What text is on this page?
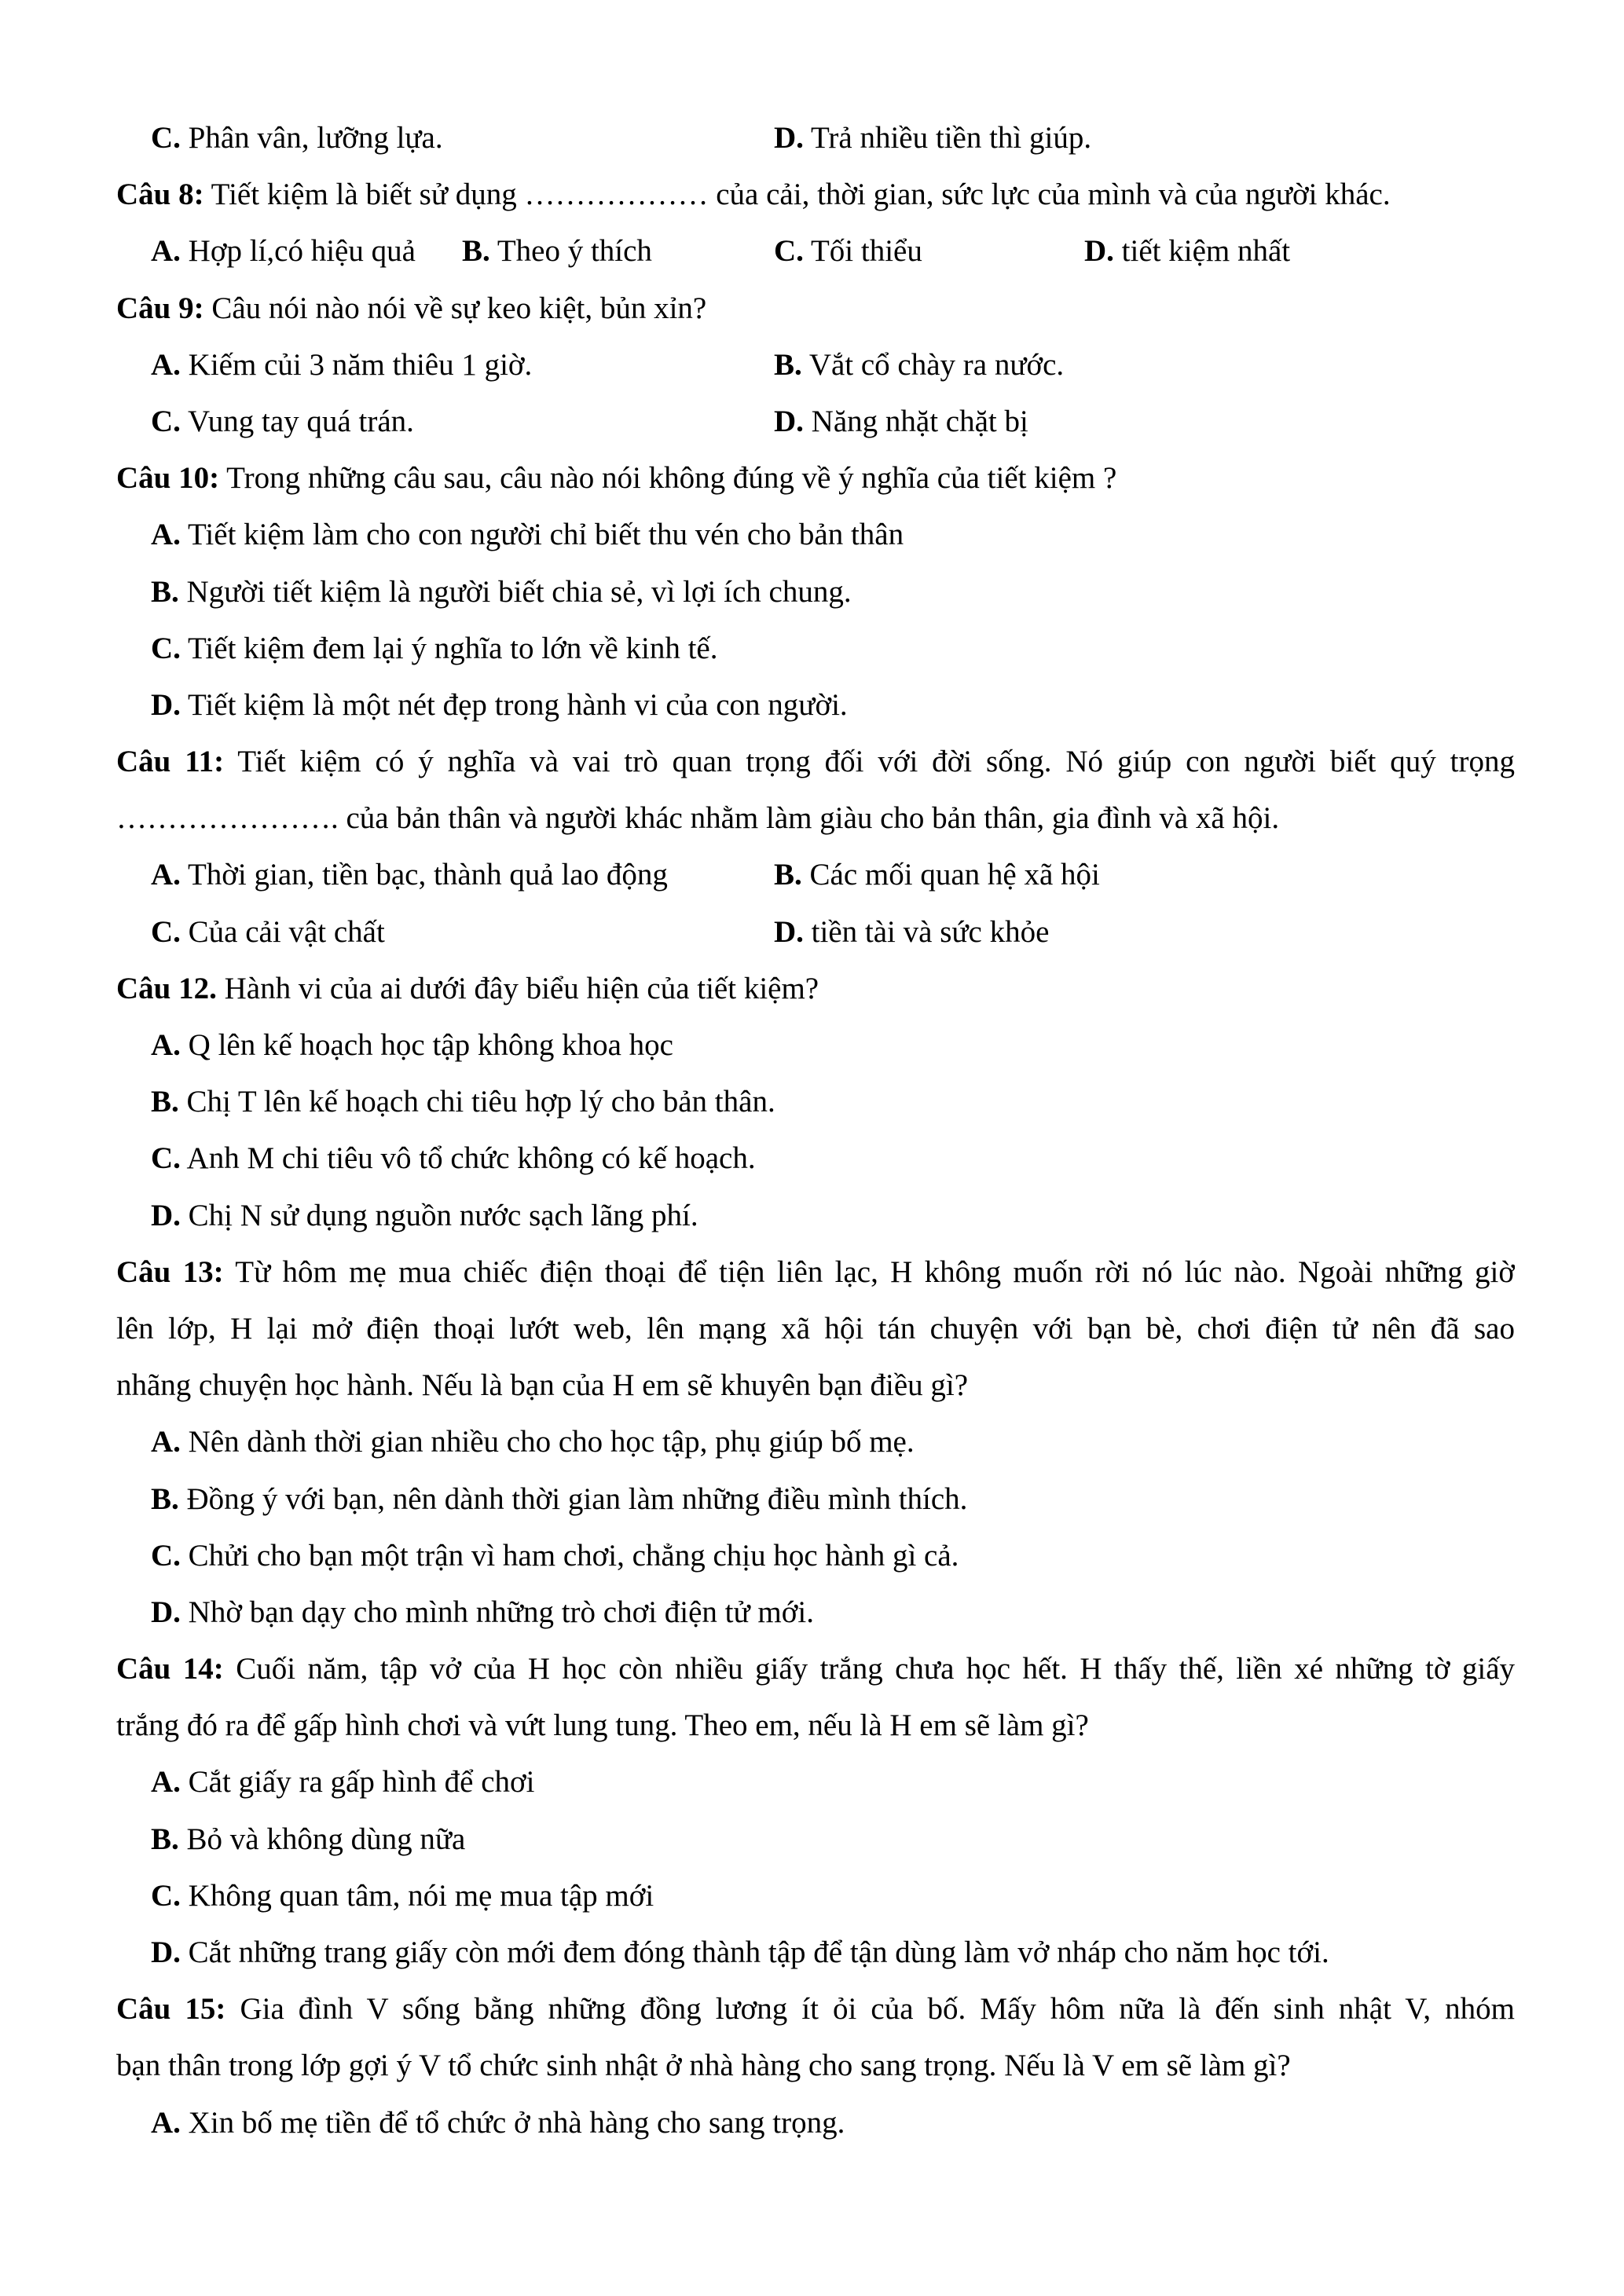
C. Phân vân, lưỡng lựa.	D. Trả nhiều tiền thì giúp.
Câu 8: Tiết kiệm là biết sử dụng ……………… của cải, thời gian, sức lực của mình và của người khác.
A. Hợp lí,có hiệu quả B. Theo ý thích	C. Tối thiểu	D. tiết kiệm nhất
Câu 9: Câu nói nào nói về sự keo kiệt, bủn xỉn?
A. Kiếm củi 3 năm thiêu 1 giờ.	B. Vắt cổ chày ra nước.
C. Vung tay quá trán.	D. Năng nhặt chặt bị
Câu 10: Trong những câu sau, câu nào nói không đúng về ý nghĩa của tiết kiệm ?
A. Tiết kiệm làm cho con người chỉ biết thu vén cho bản thân
B. Người tiết kiệm là người biết chia sẻ, vì lợi ích chung.
C. Tiết kiệm đem lại ý nghĩa to lớn về kinh tế.
D. Tiết kiệm là một nét đẹp trong hành vi của con người.
Câu 11: Tiết kiệm có ý nghĩa và vai trò quan trọng đối với đời sống. Nó giúp con người biết quý trọng
…………………. của bản thân và người khác nhằm làm giàu cho bản thân, gia đình và xã hội.
A. Thời gian, tiền bạc, thành quả lao động	B. Các mối quan hệ xã hội
C. Của cải vật chất	D. tiền tài và sức khỏe
Câu 12. Hành vi của ai dưới đây biểu hiện của tiết kiệm?
A. Q lên kế hoạch học tập không khoa học
B. Chị T lên kế hoạch chi tiêu hợp lý cho bản thân.
C. Anh M chi tiêu vô tổ chức không có kế hoạch.
D. Chị N sử dụng nguồn nước sạch lãng phí.
Câu 13: Từ hôm mẹ mua chiếc điện thoại để tiện liên lạc, H không muốn rời nó lúc nào. Ngoài những giờ
lên lớp, H lại mở điện thoại lướt web, lên mạng xã hội tán chuyện với bạn bè, chơi điện tử nên đã sao
nhãng chuyện học hành. Nếu là bạn của H em sẽ khuyên bạn điều gì?
A. Nên dành thời gian nhiều cho cho học tập, phụ giúp bố mẹ.
B. Đồng ý với bạn, nên dành thời gian làm những điều mình thích.
C. Chửi cho bạn một trận vì ham chơi, chẳng chịu học hành gì cả.
D. Nhờ bạn dạy cho mình những trò chơi điện tử mới.
Câu 14: Cuối năm, tập vở của H học còn nhiều giấy trắng chưa học hết. H thấy thế, liền xé những tờ giấy
trắng đó ra để gấp hình chơi và vứt lung tung. Theo em, nếu là H em sẽ làm gì?
A. Cắt giấy ra gấp hình để chơi
B. Bỏ và không dùng nữa
C. Không quan tâm, nói mẹ mua tập mới
D. Cắt những trang giấy còn mới đem đóng thành tập để tận dùng làm vở nháp cho năm học tới.
Câu 15: Gia đình V sống bằng những đồng lương ít ỏi của bố. Mấy hôm nữa là đến sinh nhật V, nhóm
bạn thân trong lớp gợi ý V tổ chức sinh nhật ở nhà hàng cho sang trọng. Nếu là V em sẽ làm gì?
A. Xin bố mẹ tiền để tổ chức ở nhà hàng cho sang trọng.
